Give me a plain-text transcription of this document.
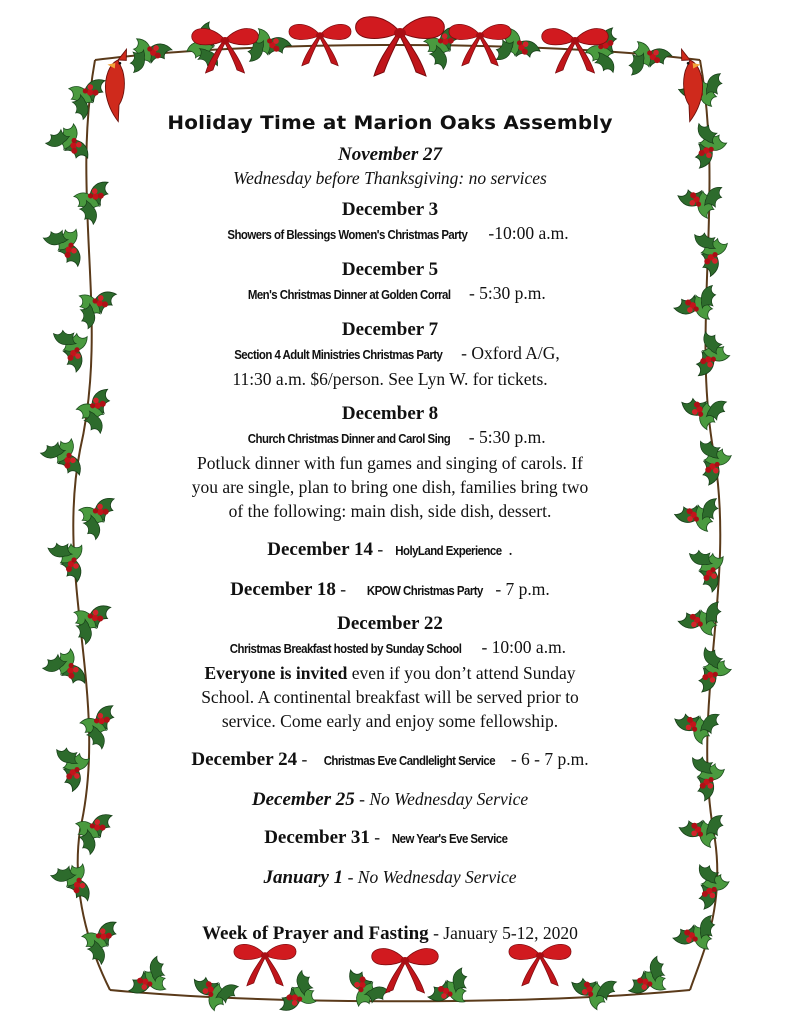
Holiday Time at Marion Oaks Assembly
November 27
Wednesday before Thanksgiving: no services
December 3
Showers of Blessings Women's Christmas Party -10:00 a.m.
December 5
Men's Christmas Dinner at Golden Corral - 5:30 p.m.
December 7
Section 4 Adult Ministries Christmas Party - Oxford A/G,
11:30 a.m. $6/person. See Lyn W. for tickets.
December 8
Church Christmas Dinner and Carol Sing - 5:30 p.m.
Potluck dinner with fun games and singing of carols. If
you are single, plan to bring one dish, families bring two
of the following: main dish, side dish, dessert.
December 14 - HolyLand Experience .
December 18 -   KPOW Christmas Party - 7 p.m.
December 22
Christmas Breakfast hosted by Sunday School - 10:00 a.m.
Everyone is invited even if you don’t attend Sunday
School. A continental breakfast will be served prior to
service. Come early and enjoy some fellowship.
December 24 - Christmas Eve Candlelight Service - 6 - 7 p.m.
December 25 - No Wednesday Service
December 31 - New Year's Eve Service
January 1 - No Wednesday Service
Week of Prayer and Fasting - January 5-12, 2020
